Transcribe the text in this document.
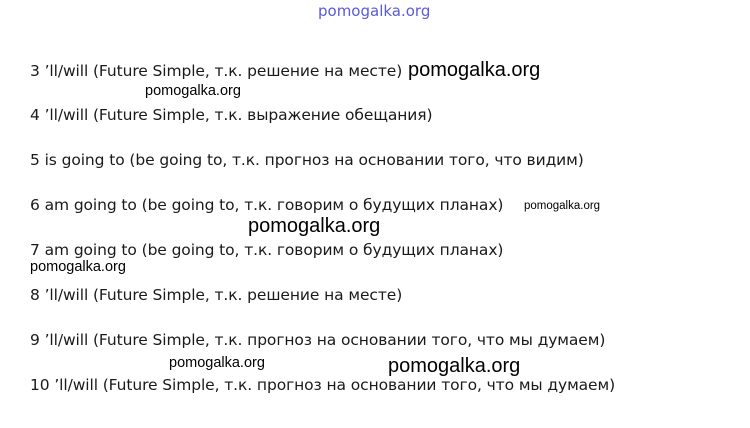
pomogalka.org
3 ’ll/will (Future Simple, т.к. решение на месте)
4 ’ll/will (Future Simple, т.к. выражение обещания)
5 is going to (be going to, т.к. прогноз на основании того, что видим)
6 am going to (be going to, т.к. говорим о будущих планах)
7 am going to (be going to, т.к. говорим о будущих планах)
8 ’ll/will (Future Simple, т.к. решение на месте)
9 ’ll/will (Future Simple, т.к. прогноз на основании того, что мы думаем)
10 ’ll/will (Future Simple, т.к. прогноз на основании того, что мы думаем)
pomogalka.org
pomogalka.org
pomogalka.org
pomogalka.org
pomogalka.org
pomogalka.org	pomogalka.org
